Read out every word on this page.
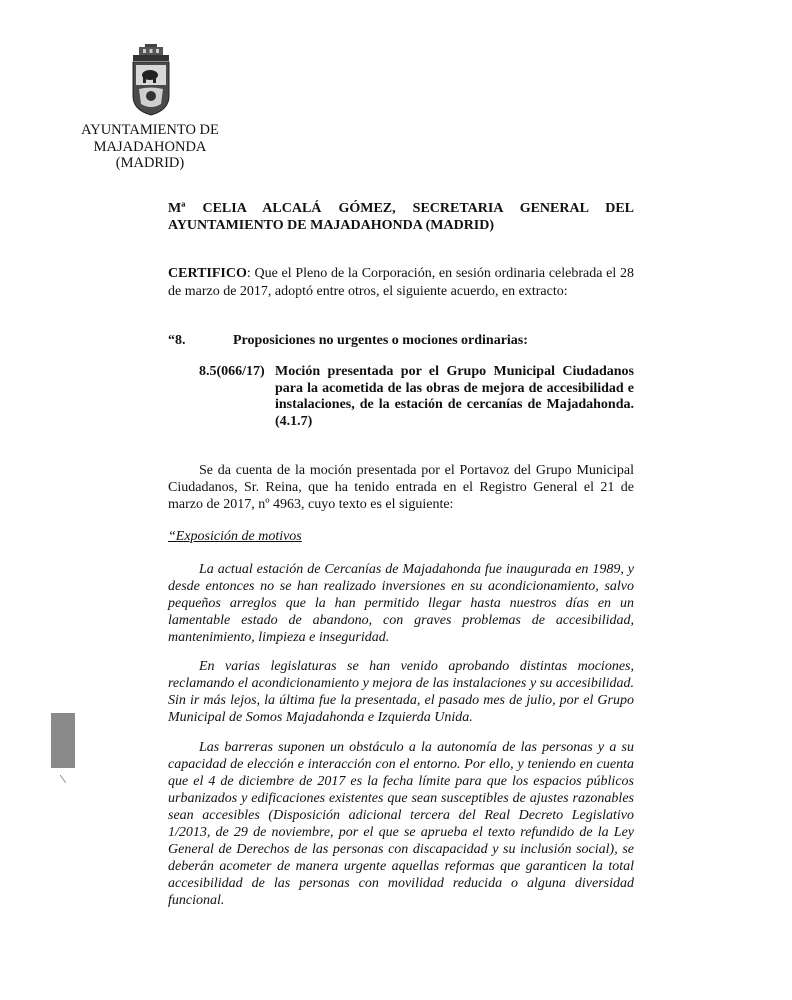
AYUNTAMIENTO DE
MAJADAHONDA
(MADRID)
Mª CELIA ALCALÁ GÓMEZ, SECRETARIA GENERAL DEL
AYUNTAMIENTO DE MAJADAHONDA (MADRID)
CERTIFICO: Que el Pleno de la Corporación, en sesión ordinaria celebrada el 28 de marzo de 2017, adoptó entre otros, el siguiente acuerdo, en extracto:
“8.	Proposiciones no urgentes o mociones ordinarias:
8.5(066/17) Moción presentada por el Grupo Municipal Ciudadanos para la acometida de las obras de mejora de accesibilidad e instalaciones, de la estación de cercanías de Majadahonda. (4.1.7)
Se da cuenta de la moción presentada por el Portavoz del Grupo Municipal Ciudadanos, Sr. Reina, que ha tenido entrada en el Registro General el 21 de marzo de 2017, nº 4963, cuyo texto es el siguiente:
“Exposición de motivos
La actual estación de Cercanías de Majadahonda fue inaugurada en 1989, y desde entonces no se han realizado inversiones en su acondicionamiento, salvo pequeños arreglos que la han permitido llegar hasta nuestros días en un lamentable estado de abandono, con graves problemas de accesibilidad, mantenimiento, limpieza e inseguridad.
En varias legislaturas se han venido aprobando distintas mociones, reclamando el acondicionamiento y mejora de las instalaciones y su accesibilidad. Sin ir más lejos, la última fue la presentada, el pasado mes de julio, por el Grupo Municipal de Somos Majadahonda e Izquierda Unida.
Las barreras suponen un obstáculo a la autonomía de las personas y a su capacidad de elección e interacción con el entorno. Por ello, y teniendo en cuenta que el 4 de diciembre de 2017 es la fecha límite para que los espacios públicos urbanizados y edificaciones existentes que sean susceptibles de ajustes razonables sean accesibles (Disposición adicional tercera del Real Decreto Legislativo 1/2013, de 29 de noviembre, por el que se aprueba el texto refundido de la Ley General de Derechos de las personas con discapacidad y su inclusión social), se deberán acometer de manera urgente aquellas reformas que garanticen la total accesibilidad de las personas con movilidad reducida o alguna diversidad funcional.
